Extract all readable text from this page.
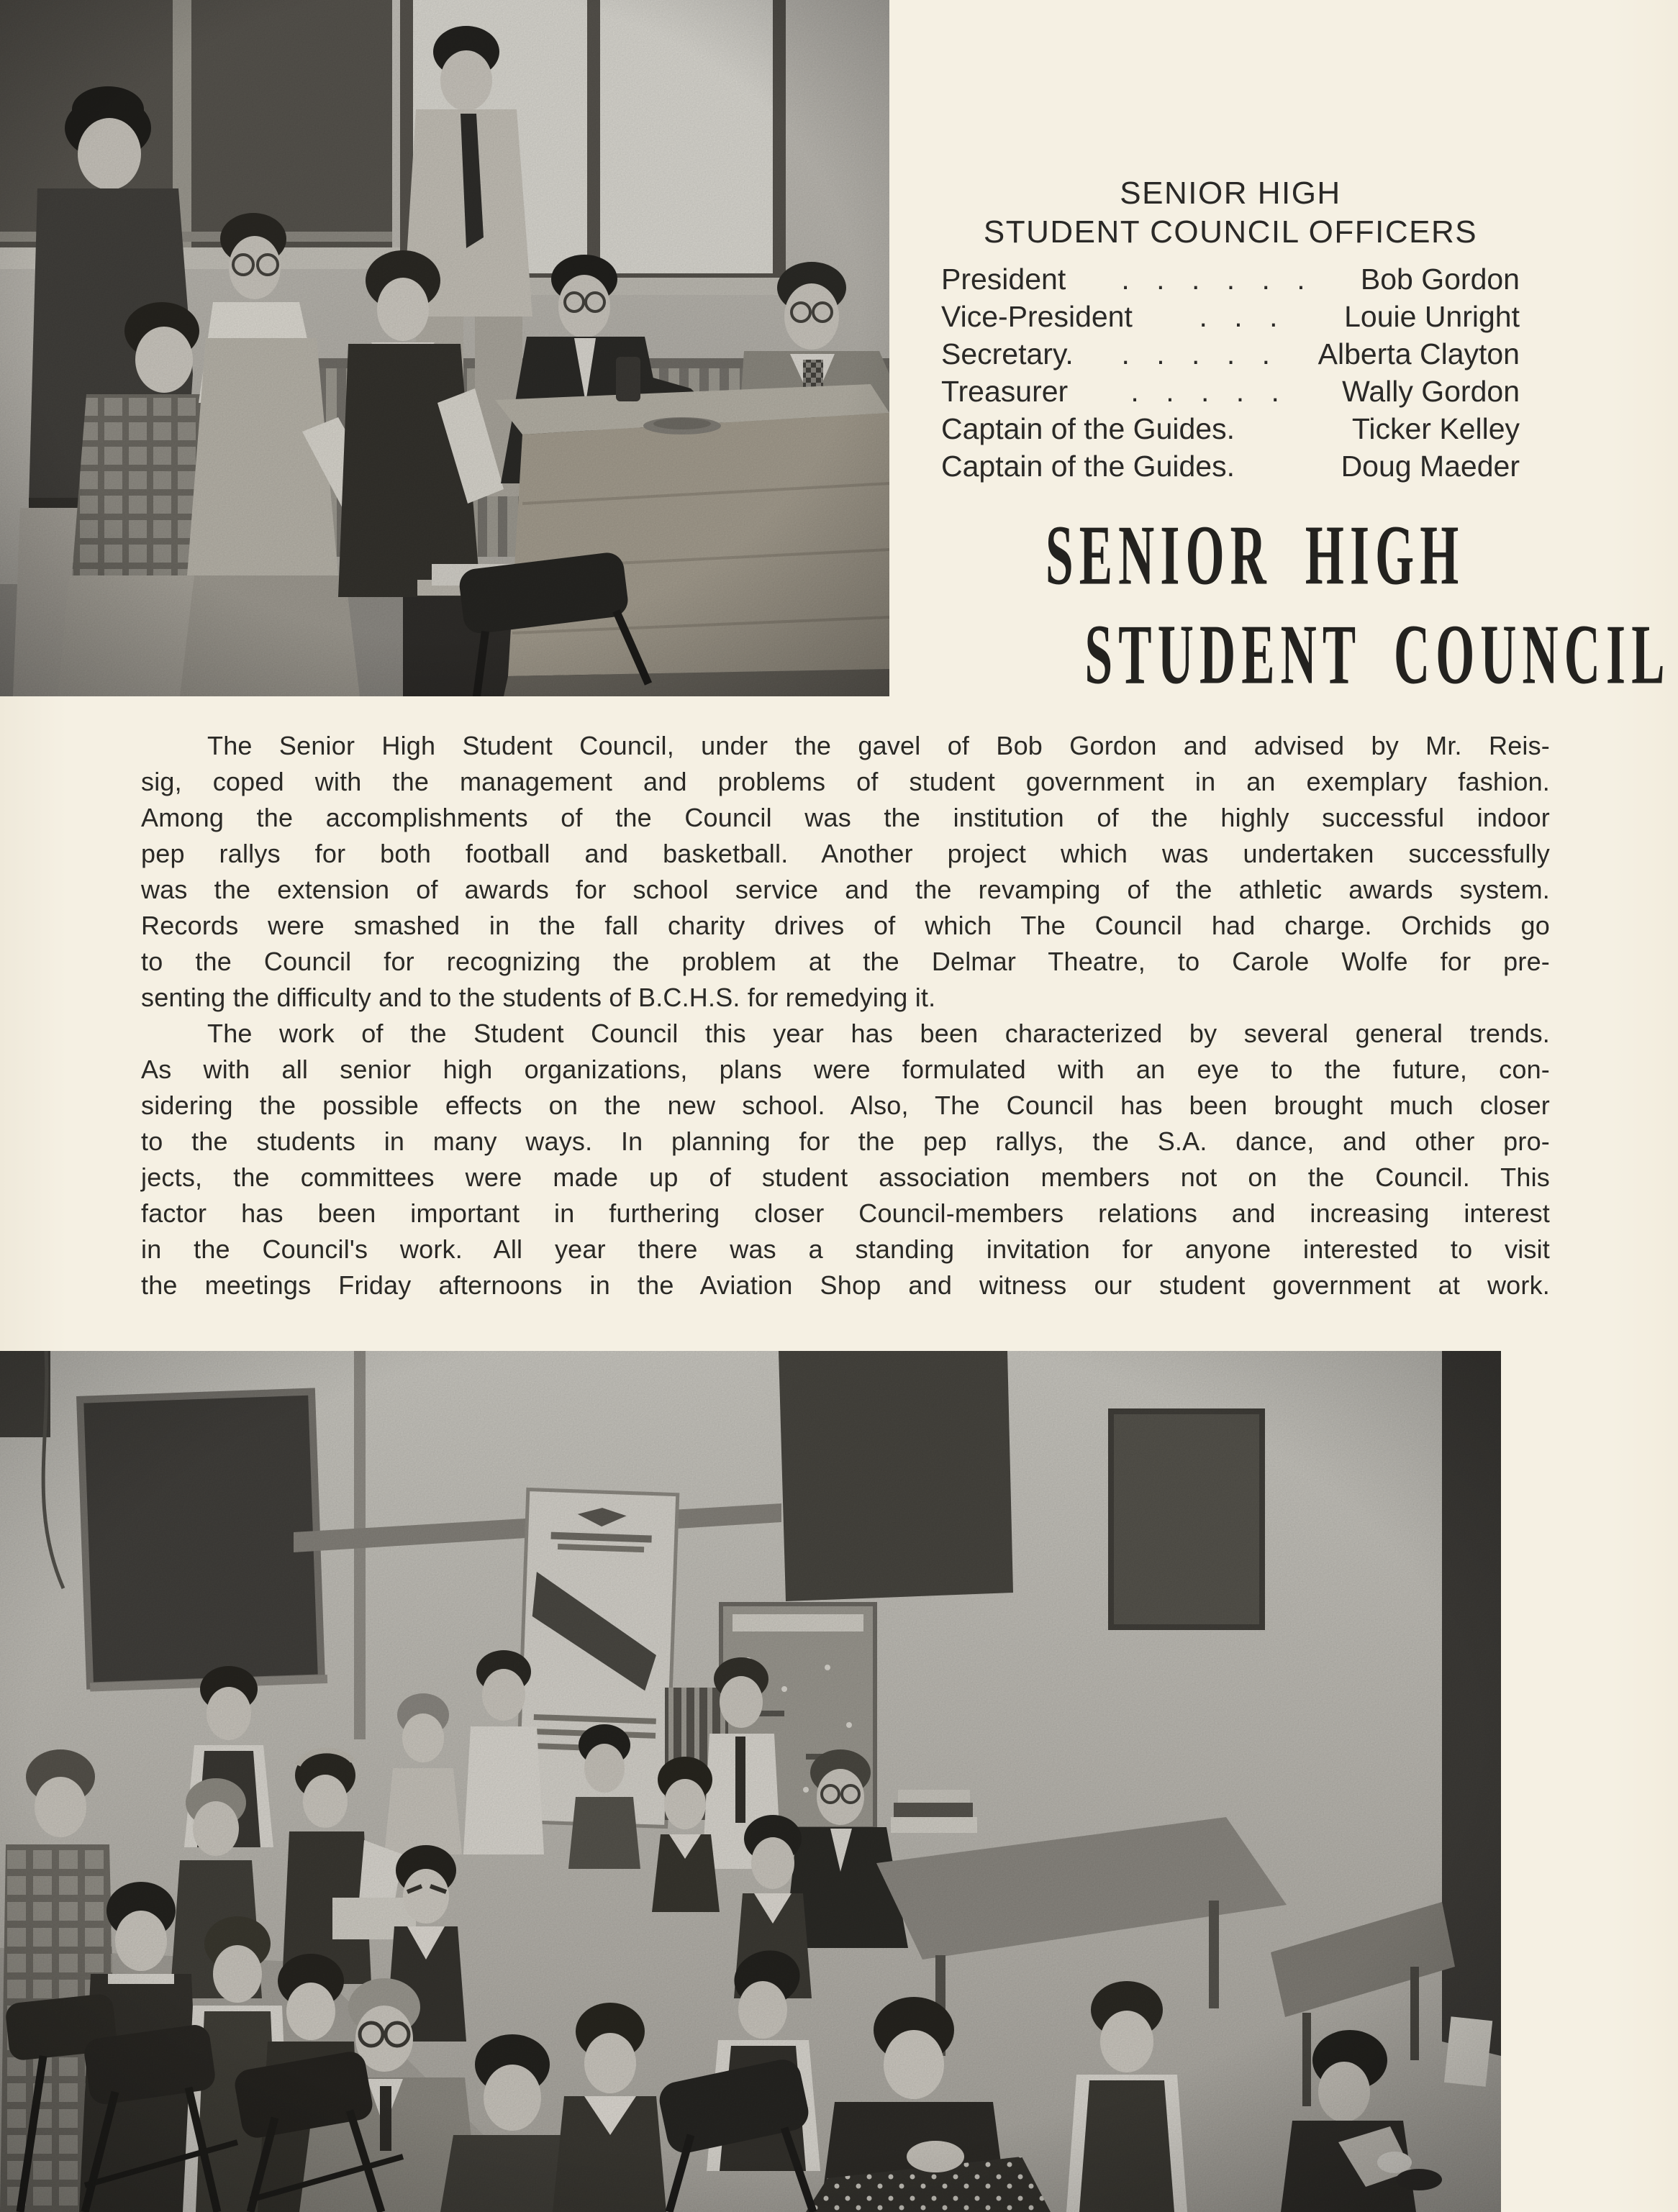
SENIOR HIGH
STUDENT COUNCIL OFFICERS
President	. . . . . .	Bob Gordon
Vice-President	. . .	Louie Unright
Secretary.	. . . . .	Alberta Clayton
Treasurer	. . . . .	Wally Gordon
Captain of the Guides.	Ticker Kelley
Captain of the Guides.	Doug Maeder
SENIOR HIGH
STUDENT COUNCIL
The Senior High Student Council, under the gavel of Bob Gordon and advised by Mr. Reis-
sig, coped with the management and problems of student government in an exemplary fashion.
Among the accomplishments of the Council was the institution of the highly successful indoor
pep rallys for both football and basketball. Another project which was undertaken successfully
was the extension of awards for school service and the revamping of the athletic awards system.
Records were smashed in the fall charity drives of which The Council had charge. Orchids go
to the Council for recognizing the problem at the Delmar Theatre, to Carole Wolfe for pre-
senting the difficulty and to the students of B.C.H.S. for remedying it.
The work of the Student Council this year has been characterized by several general trends.
As with all senior high organizations, plans were formulated with an eye to the future, con-
sidering the possible effects on the new school. Also, The Council has been brought much closer
to the students in many ways. In planning for the pep rallys, the S.A. dance, and other pro-
jects, the committees were made up of student association members not on the Council. This
factor has been important in furthering closer Council-members relations and increasing interest
in the Council's work. All year there was a standing invitation for anyone interested to visit
the meetings Friday afternoons in the Aviation Shop and witness our student government at work.
